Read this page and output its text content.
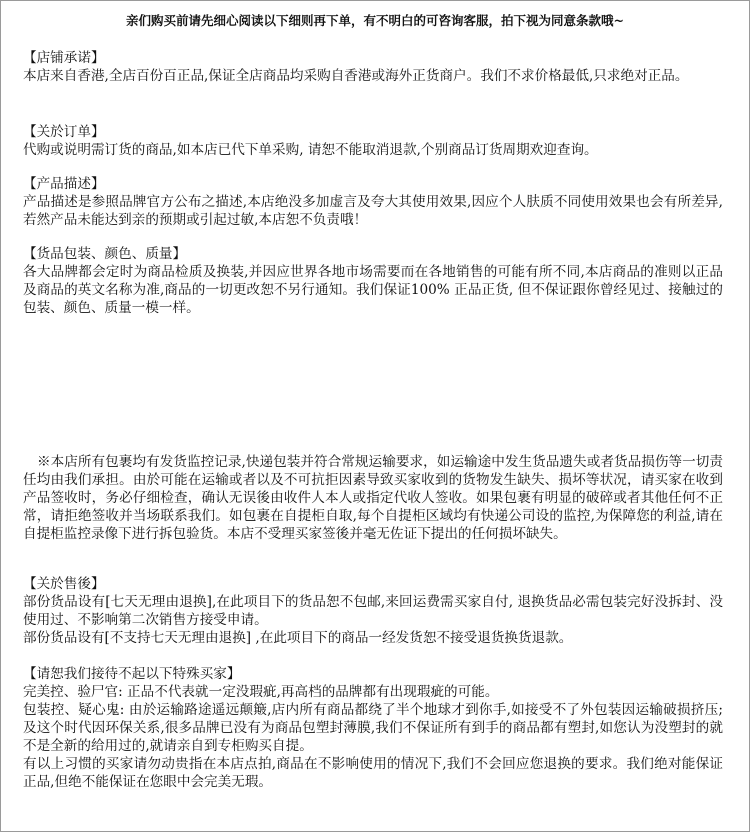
亲们购买前请先细心阅读以下细则再下单，有不明白的可咨询客服，拍下视为同意条款哦~
【店铺承诺】
本店来自香港,全店百份百正品,保证全店商品均采购自香港或海外正货商户。我们不求价格最低,只求绝对正品。
【关於订单】
代购或说明需订货的商品,如本店已代下单采购, 请恕不能取消退款,个别商品订货周期欢迎查询。
【产品描述】
产品描述是参照品牌官方公布之描述,本店绝没多加虚言及夸大其使用效果,因应个人肤质不同使用效果也会有所差异,若然产品未能达到亲的预期或引起过敏,本店恕不负责哦！
【货品包装、颜色、质量】
各大品牌都会定时为商品检质及换装,并因应世界各地市场需要而在各地销售的可能有所不同,本店商品的准则以正品及商品的英文名称为准,商品的一切更改恕不另行通知。我们保证100% 正品正货, 但不保证跟你曾经见过、接触过的包装、颜色、质量一模一样。
※本店所有包裹均有发货监控记录,快递包装并符合常规运输要求，如运输途中发生货品遗失或者货品损伤等一切责任均由我们承担。由於可能在运输或者以及不可抗拒因素导致买家收到的货物发生缺失、损坏等状况，请买家在收到产品签收时，务必仔细检查，确认无误後由收件人本人或指定代收人签收。如果包裹有明显的破碎或者其他任何不正常，请拒绝签收并当场联系我们。如包裹在自提柜自取,每个自提柜区域均有快递公司设的监控,为保障您的利益,请在自提柜监控录像下进行拆包验货。本店不受理买家签後并毫无佐证下提出的任何损坏缺失。
【关於售後】
部份货品设有[七天无理由退换],在此项目下的货品恕不包邮,来回运费需买家自付, 退换货品必需包装完好没拆封、没使用过、不影响第二次销售方接受申请。
部份货品设有[不支持七天无理由退换] ,在此项目下的商品一经发货恕不接受退货换货退款。
【请恕我们接待不起以下特殊买家】
完美控、验尸官: 正品不代表就一定没瑕疵,再高档的品牌都有出现瑕疵的可能。
包装控、疑心鬼: 由於运输路途遥远颠簸,店内所有商品都绕了半个地球才到你手,如接受不了外包装因运输破损挤压; 及这个时代因环保关系,很多品牌已没有为商品包塑封薄膜,我们不保证所有到手的商品都有塑封,如您认为没塑封的就不是全新的给用过的,就请亲自到专柜购买自提。
有以上习惯的买家请勿动贵指在本店点拍,商品在不影响使用的情况下,我们不会回应您退换的要求。我们绝对能保证正品,但绝不能保证在您眼中会完美无瑕。
